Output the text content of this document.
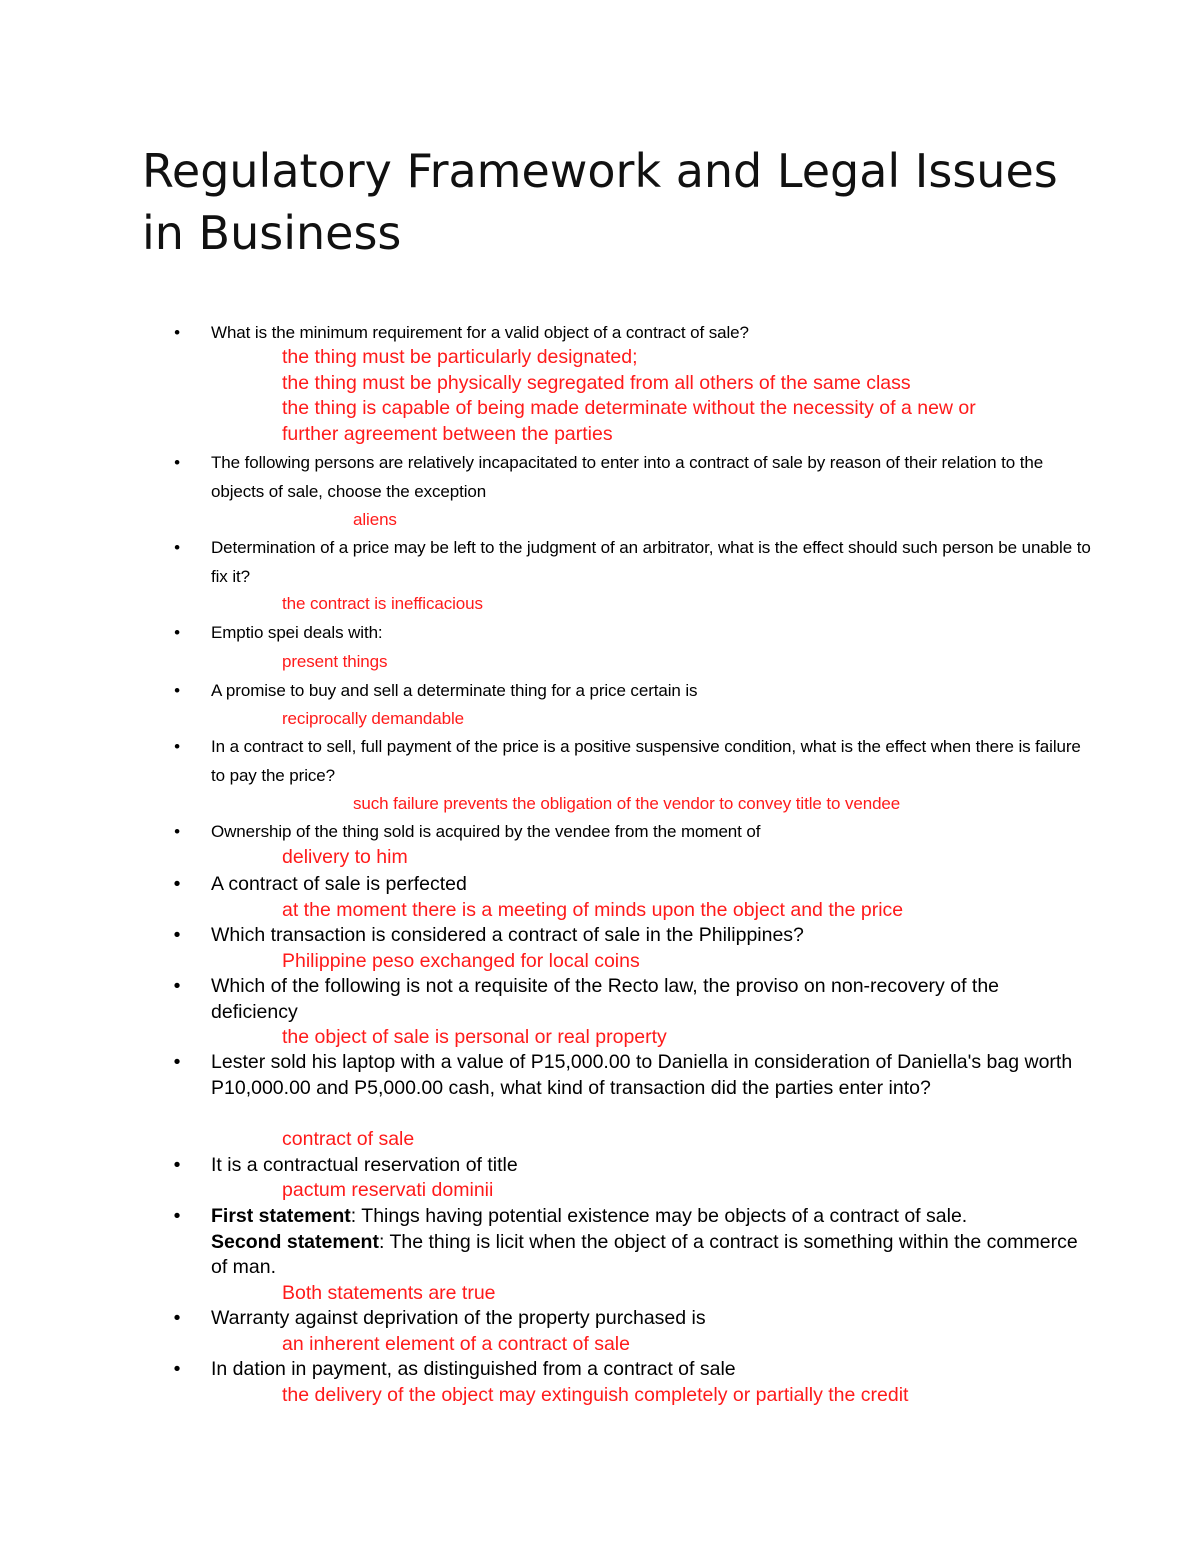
Regulatory Framework and Legal Issues in Business
• What is the minimum requirement for a valid object of a contract of sale?
the thing must be particularly designated;
the thing must be physically segregated from all others of the same class
the thing is capable of being made determinate without the necessity of a new or
further agreement between the parties
• The following persons are relatively incapacitated to enter into a contract of sale by reason of their relation to the objects of sale, choose the exception
aliens
• Determination of a price may be left to the judgment of an arbitrator, what is the effect should such person be unable to fix it?
the contract is inefficacious
• Emptio spei deals with:
present things
• A promise to buy and sell a determinate thing for a price certain is
reciprocally demandable
• In a contract to sell, full payment of the price is a positive suspensive condition, what is the effect when there is failure to pay the price?
such failure prevents the obligation of the vendor to convey title to vendee
• Ownership of the thing sold is acquired by the vendee from the moment of
delivery to him
• A contract of sale is perfected
at the moment there is a meeting of minds upon the object and the price
• Which transaction is considered a contract of sale in the Philippines?
Philippine peso exchanged for local coins
• Which of the following is not a requisite of the Recto law, the proviso on non-recovery of the deficiency
the object of sale is personal or real property
• Lester sold his laptop with a value of P15,000.00 to Daniella in consideration of Daniella's bag worth P10,000.00 and P5,000.00 cash, what kind of transaction did the parties enter into?
contract of sale
• It is a contractual reservation of title
pactum reservati dominii
• First statement: Things having potential existence may be objects of a contract of sale.
Second statement: The thing is licit when the object of a contract is something within the commerce of man.
Both statements are true
• Warranty against deprivation of the property purchased is
an inherent element of a contract of sale
• In dation in payment, as distinguished from a contract of sale
the delivery of the object may extinguish completely or partially the credit
